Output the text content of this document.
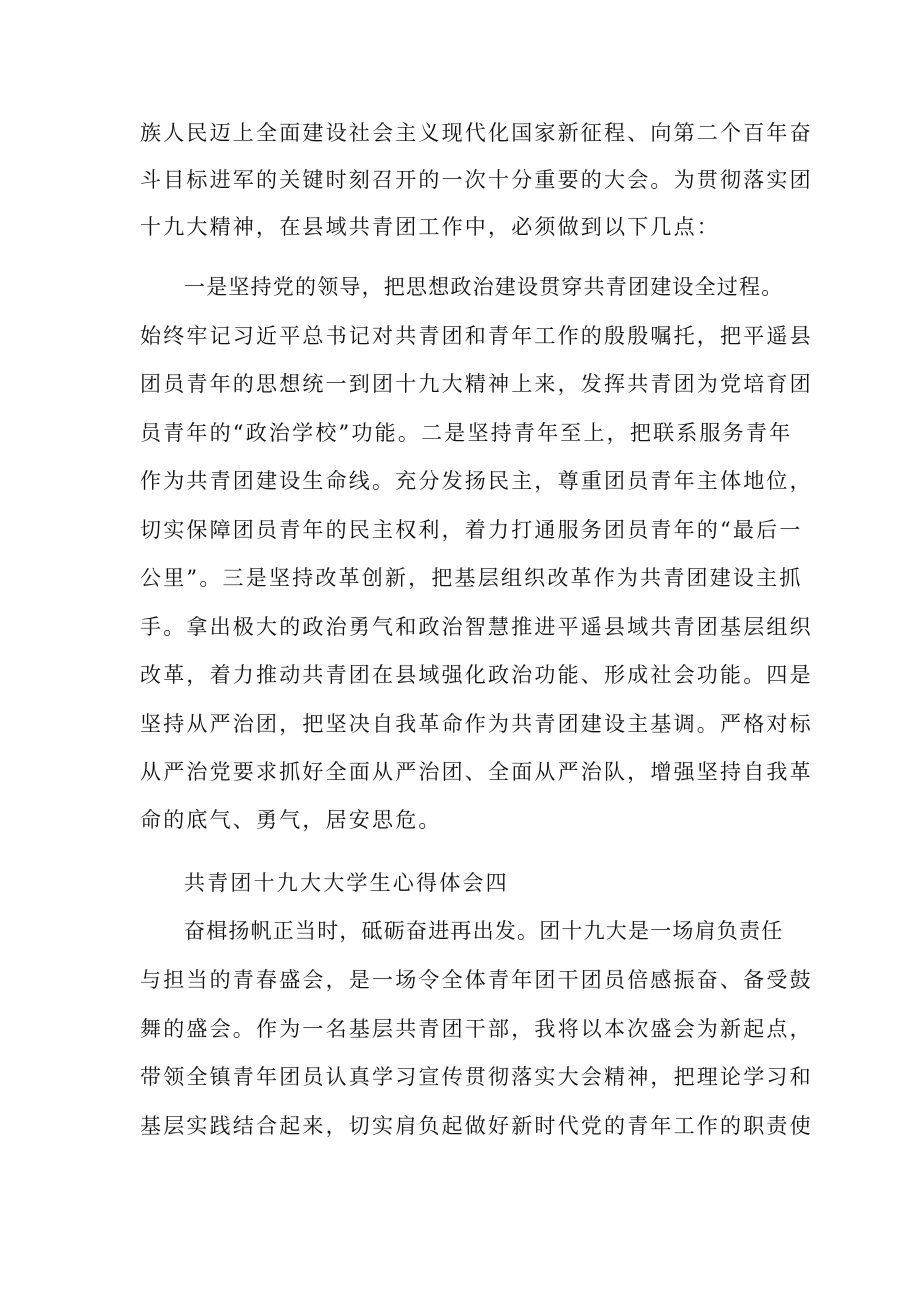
族人民迈上全面建设社会主义现代化国家新征程、向第二个百年奋
斗目标进军的关键时刻召开的一次十分重要的大会。为贯彻落实团
十九大精神，在县域共青团工作中，必须做到以下几点：
一是坚持党的领导，把思想政治建设贯穿共青团建设全过程。
始终牢记习近平总书记对共青团和青年工作的殷殷嘱托，把平遥县
团员青年的思想统一到团十九大精神上来，发挥共青团为党培育团
员青年的“政治学校”功能。二是坚持青年至上，把联系服务青年
作为共青团建设生命线。充分发扬民主，尊重团员青年主体地位，
切实保障团员青年的民主权利，着力打通服务团员青年的“最后一
公里”。三是坚持改革创新，把基层组织改革作为共青团建设主抓
手。拿出极大的政治勇气和政治智慧推进平遥县域共青团基层组织
改革，着力推动共青团在县域强化政治功能、形成社会功能。四是
坚持从严治团，把坚决自我革命作为共青团建设主基调。严格对标
从严治党要求抓好全面从严治团、全面从严治队，增强坚持自我革
命的底气、勇气，居安思危。
共青团十九大大学生心得体会四
奋楫扬帆正当时，砥砺奋进再出发。团十九大是一场肩负责任
与担当的青春盛会，是一场令全体青年团干团员倍感振奋、备受鼓
舞的盛会。作为一名基层共青团干部，我将以本次盛会为新起点，
带领全镇青年团员认真学习宣传贯彻落实大会精神，把理论学习和
基层实践结合起来，切实肩负起做好新时代党的青年工作的职责使
